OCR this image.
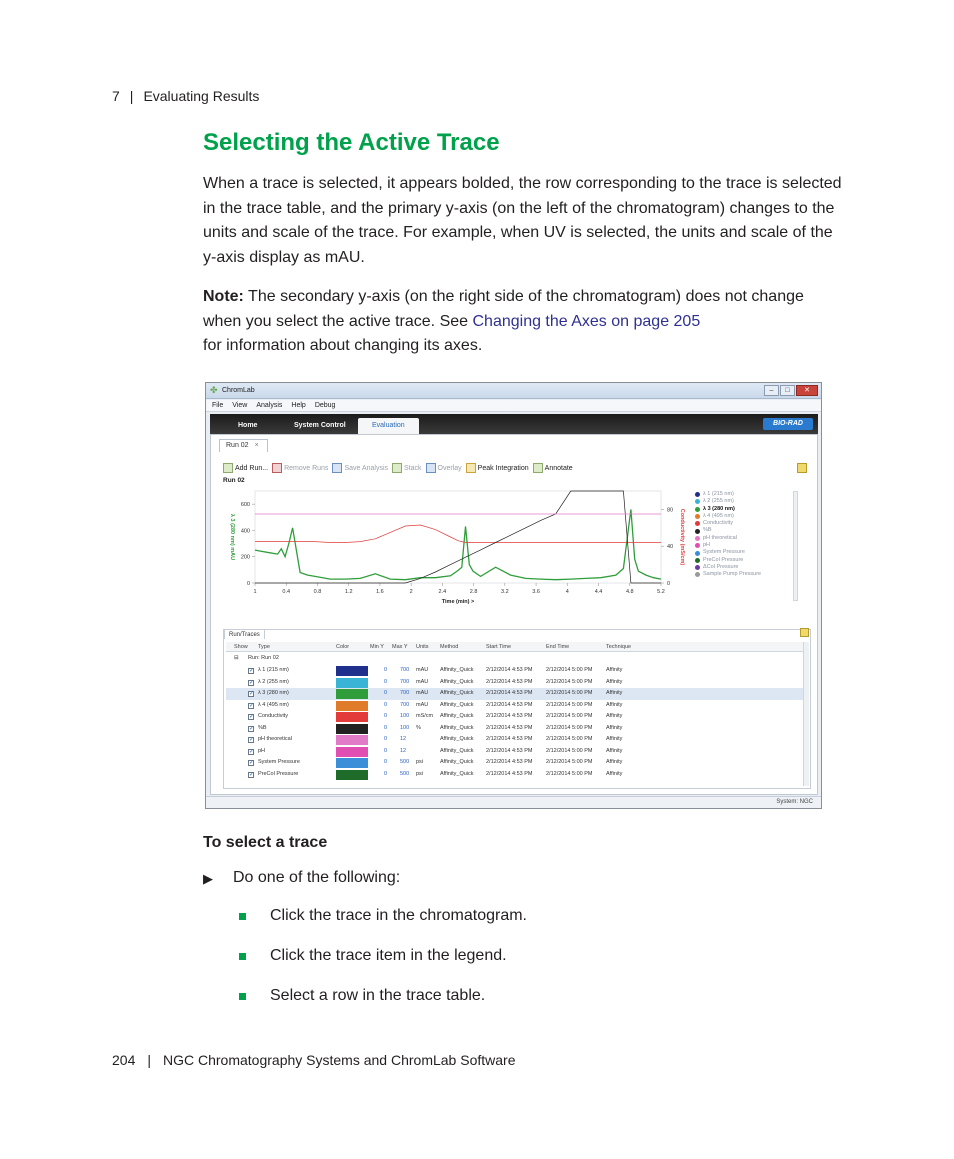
7 | Evaluating Results
Selecting the Active Trace

When a trace is selected, it appears bolded, the row corresponding to the trace is selected in the trace table, and the primary y-axis (on the left of the chromatogram) changes to the units and scale of the trace. For example, when UV is selected, the units and scale of the y-axis display as mAU.

Note: The secondary y-axis (on the right side of the chromatogram) does not change when you select the active trace. See Changing the Axes on page 205
for information about changing its axes.

✤ ChromLab	‒	□	✕
File View Analysis Help Debug
Home	System Control	Evaluation	BIO-RAD
Run 02 ×
Add Run... Remove Runs Save Analysis Stack Overlay Peak Integration Annotate
Run 02
0
200
400
600
0
40
80
1	0.4	0.8	1.2	1.6	2	2.4	2.8	3.2	3.6	4	4.4	4.8	5.2
Time (min) >
λ 3 (280 nm) mAU	Conductivity (mS/cm)
λ 1 (215 nm)
λ 2 (255 nm)
λ 3 (280 nm)
λ 4 (495 nm)
Conductivity
%B
pH theoretical
pH
System Pressure
PreCol Pressure
ΔCol Pressure
Sample Pump Pressure
Run/Traces
Show Type	Color	Min Y Max Y Units Method	Start Time	End Time	Technique
⊟ Run: Run 02
✓ λ 1 (215 nm)	0 700 mAU Affinity_Quick 2/12/2014 4:53 PM 2/12/2014 5:00 PM Affinity
✓ λ 2 (255 nm)	0 700 mAU Affinity_Quick 2/12/2014 4:53 PM 2/12/2014 5:00 PM Affinity
✓ λ 3 (280 nm)	0 700 mAU Affinity_Quick 2/12/2014 4:53 PM 2/12/2014 5:00 PM Affinity
✓ λ 4 (495 nm)	0 700 mAU Affinity_Quick 2/12/2014 4:53 PM 2/12/2014 5:00 PM Affinity
✓ Conductivity	0 100 mS/cm Affinity_Quick 2/12/2014 4:53 PM 2/12/2014 5:00 PM Affinity
✓ %B	0 100 %	Affinity_Quick 2/12/2014 4:53 PM 2/12/2014 5:00 PM Affinity
✓ pH theoretical	0 12	Affinity_Quick 2/12/2014 4:53 PM 2/12/2014 5:00 PM Affinity
✓ pH	0 12	Affinity_Quick 2/12/2014 4:53 PM 2/12/2014 5:00 PM Affinity
✓ System Pressure	0 500 psi	Affinity_Quick 2/12/2014 4:53 PM 2/12/2014 5:00 PM Affinity
✓ PreCol Pressure	0 500 psi	Affinity_Quick 2/12/2014 4:53 PM 2/12/2014 5:00 PM Affinity
System: NGC
To select a trace
▶ Do one of the following:
Click the trace in the chromatogram.
Click the trace item in the legend.
Select a row in the trace table.
204 | NGC Chromatography Systems and ChromLab Software
